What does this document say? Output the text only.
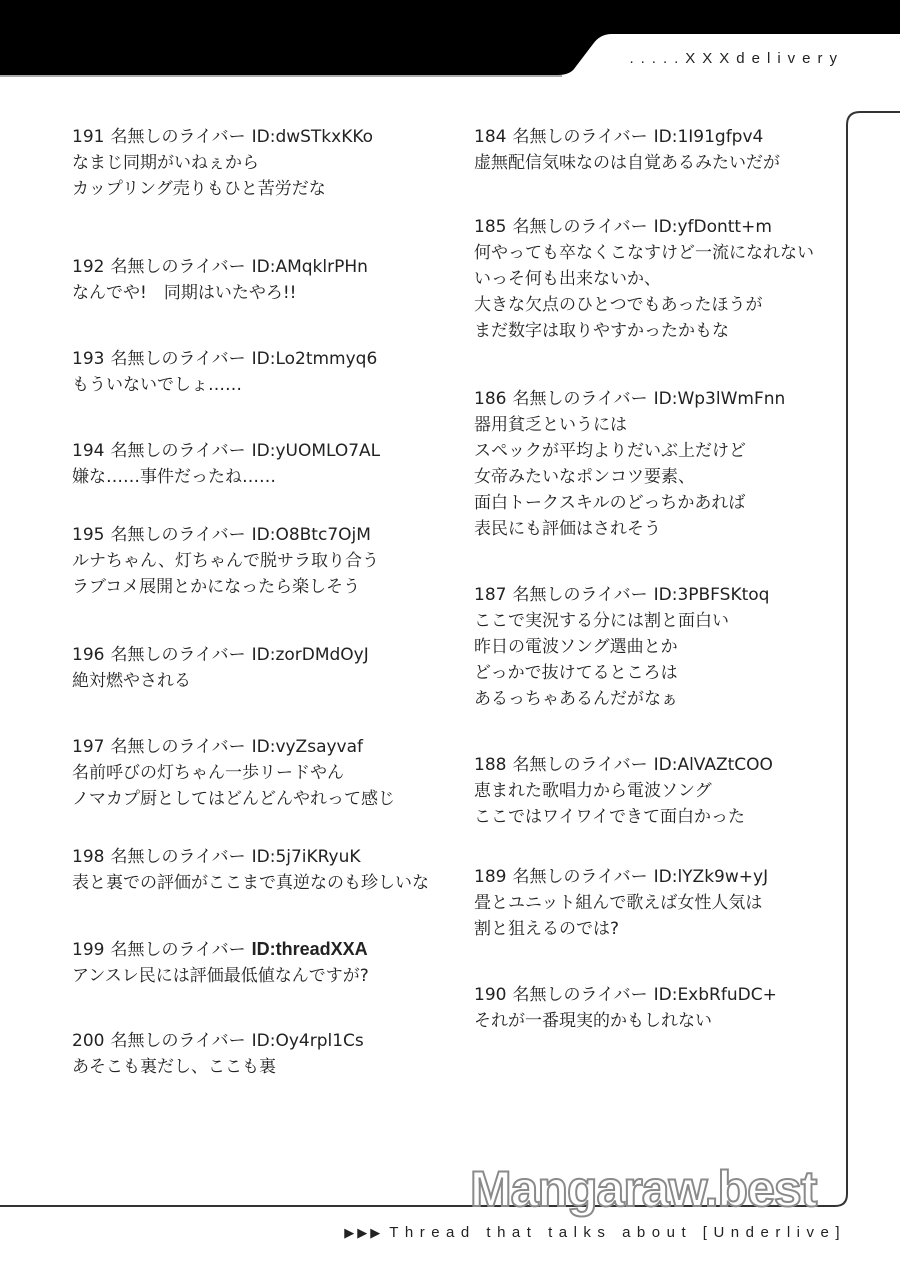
.....XXXdelivery
191 名無しのライバー ID:dwSTkxKKo
なまじ同期がいねぇから
カップリング売りもひと苦労だな
192 名無しのライバー ID:AMqklrPHn
なんでや!　同期はいたやろ!!
193 名無しのライバー ID:Lo2tmmyq6
もういないでしょ……
194 名無しのライバー ID:yUOMLO7AL
嫌な……事件だったね……
195 名無しのライバー ID:O8Btc7OjM
ルナちゃん、灯ちゃんで脱サラ取り合う
ラブコメ展開とかになったら楽しそう
196 名無しのライバー ID:zorDMdOyJ
絶対燃やされる
197 名無しのライバー ID:vyZsayvaf
名前呼びの灯ちゃん一歩リードやん
ノマカプ厨としてはどんどんやれって感じ
198 名無しのライバー ID:5j7iKRyuK
表と裏での評価がここまで真逆なのも珍しいな
199 名無しのライバー ID:threadXXA
アンスレ民には評価最低値なんですが?
200 名無しのライバー ID:Oy4rpl1Cs
あそこも裏だし、ここも裏
184 名無しのライバー ID:1I91gfpv4
虚無配信気味なのは自覚あるみたいだが
185 名無しのライバー ID:yfDontt+m
何やっても卒なくこなすけど一流になれない
いっそ何も出来ないか、
大きな欠点のひとつでもあったほうが
まだ数字は取りやすかったかもな
186 名無しのライバー ID:Wp3lWmFnn
器用貧乏というには
スペックが平均よりだいぶ上だけど
女帝みたいなポンコツ要素、
面白トークスキルのどっちかあれば
表民にも評価はされそう
187 名無しのライバー ID:3PBFSKtoq
ここで実況する分には割と面白い
昨日の電波ソング選曲とか
どっかで抜けてるところは
あるっちゃあるんだがなぁ
188 名無しのライバー ID:AlVAZtCOO
恵まれた歌唱力から電波ソング
ここではワイワイできて面白かった
189 名無しのライバー ID:lYZk9w+yJ
畳とユニット組んで歌えば女性人気は
割と狙えるのでは?
190 名無しのライバー ID:ExbRfuDC+
それが一番現実的かもしれない
Mangaraw.best
▶▶▶ Thread that talks about [Underlive]
